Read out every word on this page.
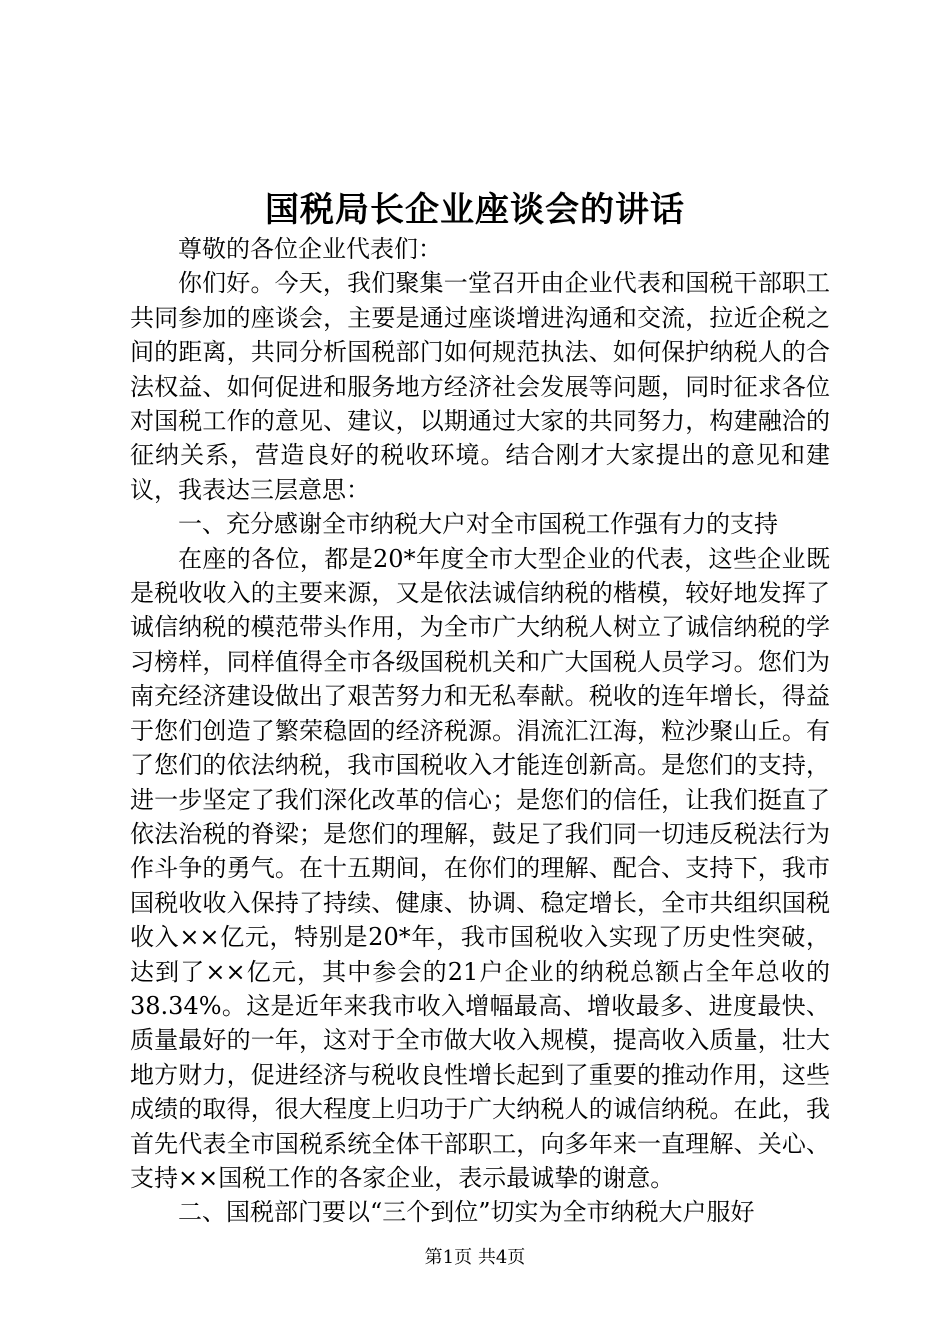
国税局长企业座谈会的讲话

尊敬的各位企业代表们：

你们好。今天，我们聚集一堂召开由企业代表和国税干部职工共同参加的座谈会，主要是通过座谈增进沟通和交流，拉近企税之间的距离，共同分析国税部门如何规范执法、如何保护纳税人的合法权益、如何促进和服务地方经济社会发展等问题，同时征求各位对国税工作的意见、建议，以期通过大家的共同努力，构建融洽的征纳关系，营造良好的税收环境。结合刚才大家提出的意见和建议，我表达三层意思：

一、充分感谢全市纳税大户对全市国税工作强有力的支持

在座的各位，都是20*年度全市大型企业的代表，这些企业既是税收收入的主要来源，又是依法诚信纳税的楷模，较好地发挥了诚信纳税的模范带头作用，为全市广大纳税人树立了诚信纳税的学习榜样，同样值得全市各级国税机关和广大国税人员学习。您们为南充经济建设做出了艰苦努力和无私奉献。税收的连年增长，得益于您们创造了繁荣稳固的经济税源。涓流汇江海，粒沙聚山丘。有了您们的依法纳税，我市国税收入才能连创新高。是您们的支持，进一步坚定了我们深化改革的信心；是您们的信任，让我们挺直了依法治税的脊梁；是您们的理解，鼓足了我们同一切违反税法行为作斗争的勇气。在十五期间，在你们的理解、配合、支持下，我市国税收收入保持了持续、健康、协调、稳定增长，全市共组织国税收入××亿元，特别是20*年，我市国税收入实现了历史性突破，达到了××亿元，其中参会的21户企业的纳税总额占全年总收的38.34%。这是近年来我市收入增幅最高、增收最多、进度最快、质量最好的一年，这对于全市做大收入规模，提高收入质量，壮大地方财力，促进经济与税收良性增长起到了重要的推动作用，这些成绩的取得，很大程度上归功于广大纳税人的诚信纳税。在此，我首先代表全市国税系统全体干部职工，向多年来一直理解、关心、支持××国税工作的各家企业，表示最诚挚的谢意。

二、国税部门要以“三个到位”切实为全市纳税大户服好

第1页 共4页
